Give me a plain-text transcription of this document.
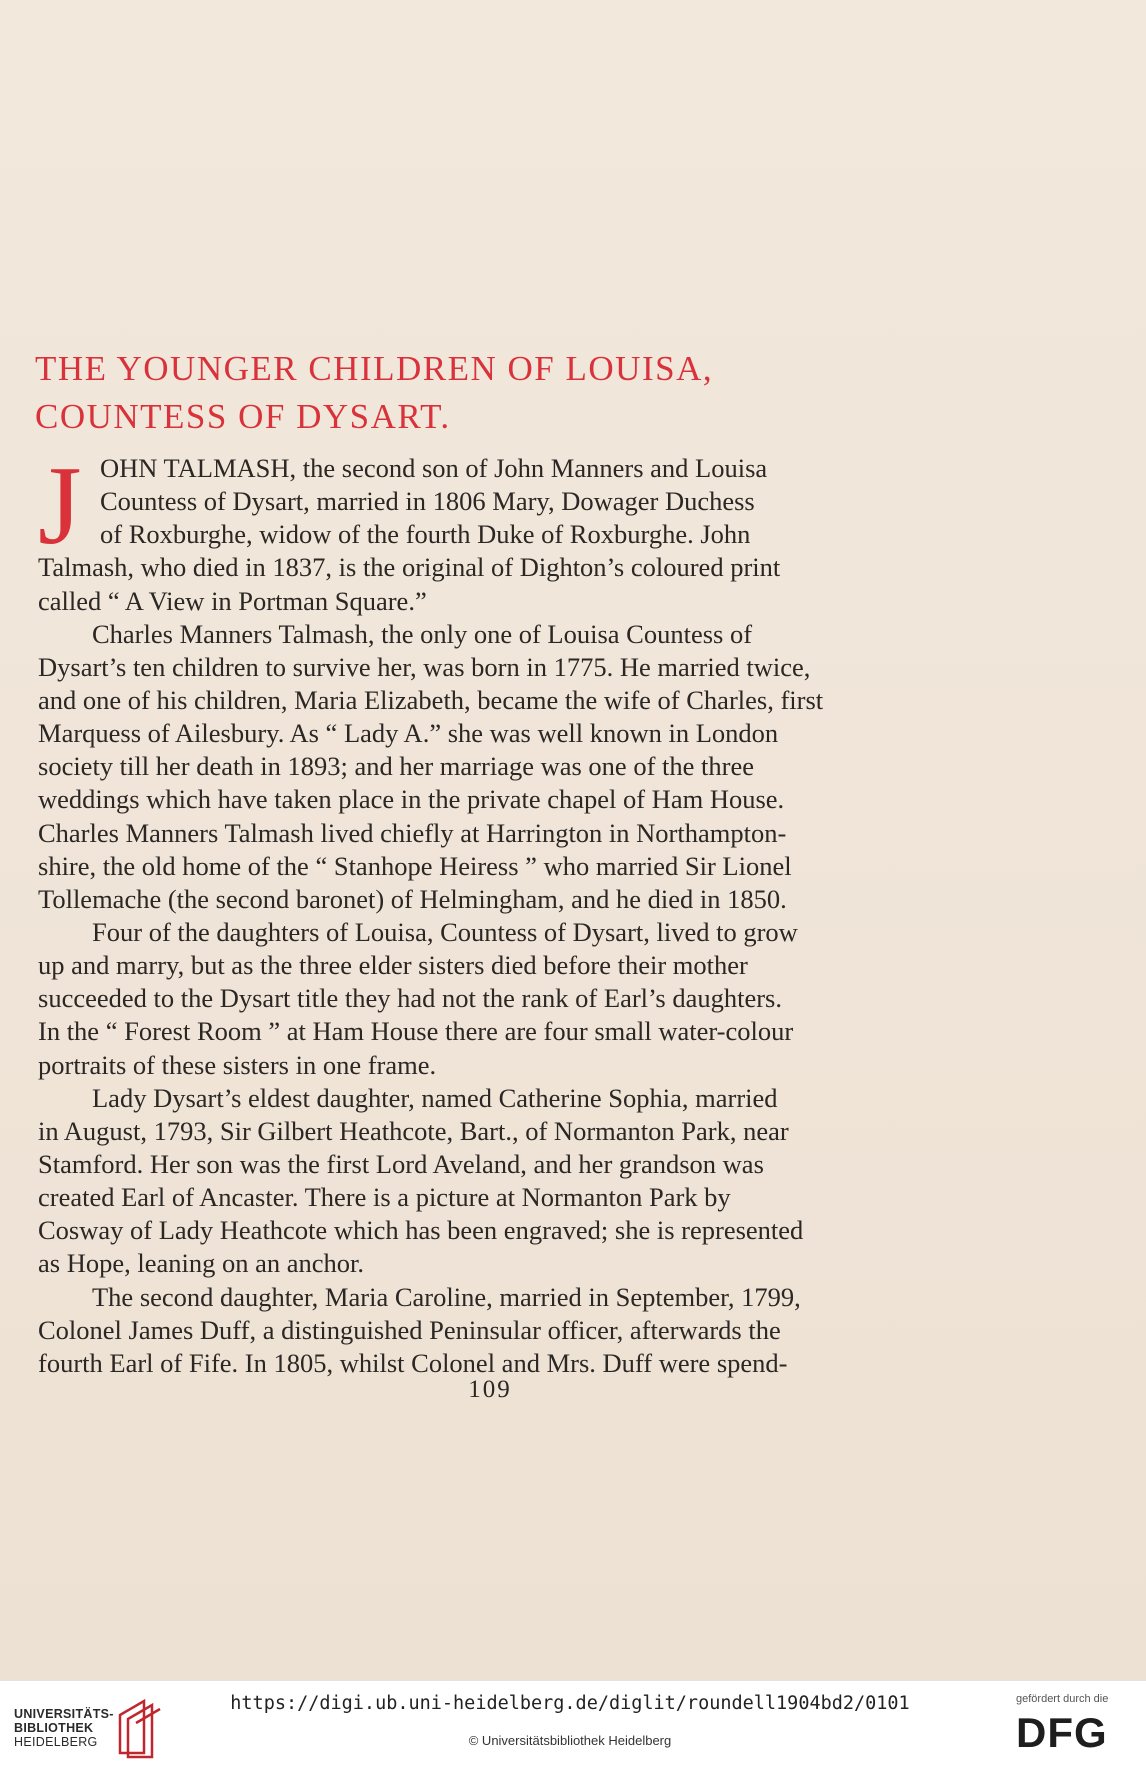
THE YOUNGER CHILDREN OF LOUISA,
COUNTESS OF DYSART.
J OHN TALMASH, the second son of John Manners and Louisa
Countess of Dysart, married in 1806 Mary, Dowager Duchess
of Roxburghe, widow of the fourth Duke of Roxburghe. John
Talmash, who died in 1837, is the original of Dighton’s coloured print
called “ A View in Portman Square.”
Charles Manners Talmash, the only one of Louisa Countess of
Dysart’s ten children to survive her, was born in 1775. He married twice,
and one of his children, Maria Elizabeth, became the wife of Charles, first
Marquess of Ailesbury. As “ Lady A.” she was well known in London
society till her death in 1893; and her marriage was one of the three
weddings which have taken place in the private chapel of Ham House.
Charles Manners Talmash lived chiefly at Harrington in Northampton-
shire, the old home of the “ Stanhope Heiress ” who married Sir Lionel
Tollemache (the second baronet) of Helmingham, and he died in 1850.
Four of the daughters of Louisa, Countess of Dysart, lived to grow
up and marry, but as the three elder sisters died before their mother
succeeded to the Dysart title they had not the rank of Earl’s daughters.
In the “ Forest Room ” at Ham House there are four small water-colour
portraits of these sisters in one frame.
Lady Dysart’s eldest daughter, named Catherine Sophia, married
in August, 1793, Sir Gilbert Heathcote, Bart., of Normanton Park, near
Stamford. Her son was the first Lord Aveland, and her grandson was
created Earl of Ancaster. There is a picture at Normanton Park by
Cosway of Lady Heathcote which has been engraved; she is represented
as Hope, leaning on an anchor.
The second daughter, Maria Caroline, married in September, 1799,
Colonel James Duff, a distinguished Peninsular officer, afterwards the
fourth Earl of Fife. In 1805, whilst Colonel and Mrs. Duff were spend-
109
UNIVERSITÄTS-
BIBLIOTHEK
HEIDELBERG
https://digi.ub.uni-heidelberg.de/diglit/roundell1904bd2/0101
© Universitätsbibliothek Heidelberg
gefördert durch die
DFG
